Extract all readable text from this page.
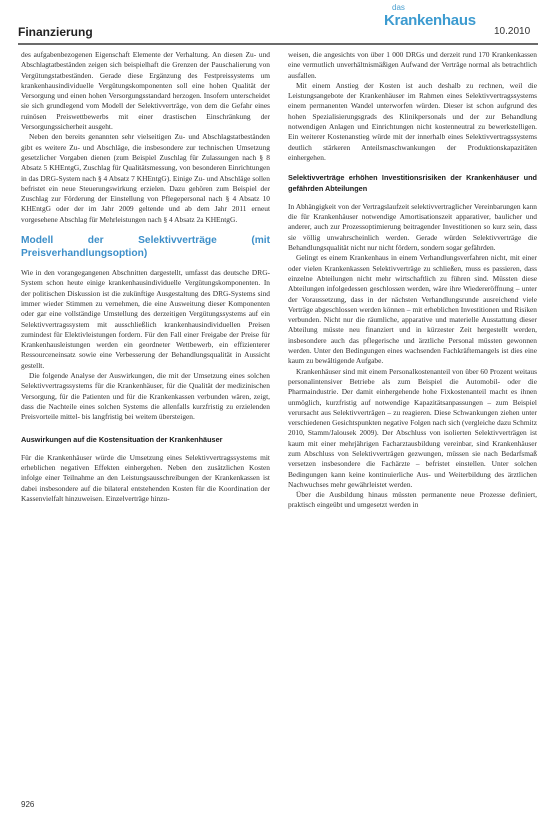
Finanzierung
das
Krankenhaus
10.2010

des aufgabenbezogenen Eigenschaft Elemente der Verhaltung. An diesen Zu- und Abschlagtatbeständen zeigen sich beispielhaft die Grenzen der Pauschalierung von Vergütungstatbeständen. Gerade diese Ergänzung des Festpreissystems um krankenhausindividuelle Vergütungskomponenten soll eine hohen Qualität der Versorgung und einen hohen Versorgungsstandard herzogen. Insofern unterscheidet sie sich grundlegend vom Modell der Selektivverträge, von dem die Gefahr eines ruinösen Preiswettbewerbs mit einer drastischen Einschränkung der Versorgungssicherheit ausgeht.

Neben den bereits genannten sehr vielseitigen Zu- und Abschlagstatbeständen gibt es weitere Zu- und Abschläge, die insbesondere zur technischen Umsetzung gesetzlicher Vorgaben dienen (zum Beispiel Zuschlag für Zulassungen nach § 8 Absatz 5 KHEntgG, Zuschlag für Qualitätsmessung, von besonderen Einrichtungen in das DRG-System nach § 4 Absatz 7 KHEntgG). Einige Zu- und Abschläge sollen befristet ein neue Steuerungswirkung erzielen. Dazu gehören zum Beispiel der Zuschlag zur Förderung der Einstellung von Pflegepersonal nach § 4 Absatz 10 KHEntgG oder der im Jahr 2009 geltende und ab dem Jahr 2011 erneut vorgesehene Abschlag für Mehrleistungen nach § 4 Absatz 2a KHEntgG.

Modell der Selektivverträge (mit Preisverhandlungsoption)

Wie in den vorangegangenen Abschnitten dargestellt, umfasst das deutsche DRG-System schon heute einige krankenhausindividuelle Vergütungskomponenten. In der politischen Diskussion ist die zukünftige Ausgestaltung des DRG-Systems sind immer wieder Stimmen zu vernehmen, die eine Ausweitung dieser Komponenten oder gar eine vollständige Umstellung des derzeitigen Vergütungssystems auf ein Selektivvertragssystem mit ausschließlich krankenhausindividuellen Preisen zumindest für Elektivleistungen fordern. Für den Fall einer Freigabe der Preise für Krankenhausleistungen werden ein geordneter Wettbewerb, ein effizienterer Ressourceneinsatz sowie eine Verbesserung der Behandlungsqualität in Aussicht gestellt.

Die folgende Analyse der Auswirkungen, die mit der Umsetzung eines solchen Selektivvertragssystems für die Krankenhäuser, für die Qualität der medizinischen Versorgung, für die Patienten und für die Krankenkassen verbunden wären, zeigt, dass die Nachteile eines solchen Systems die allenfalls kurzfristig zu erzielenden Preisvorteile mittel- bis langfristig bei weitem übersteigen.

Auswirkungen auf die Kostensituation der Krankenhäuser

Für die Krankenhäuser würde die Umsetzung eines Selektivvertragssystems mit erheblichen negativen Effekten einhergehen. Neben den zusätzlichen Kosten infolge einer Teilnahme an den Leistungsausschreibungen der Krankenkassen ist dabei insbesondere auf die bilateral entstehenden Kosten für die Koordination der Kassenvielfalt hinzuweisen. Einzelverträge hinzu-

weisen, die angesichts von über 1 000 DRGs und derzeit rund 170 Krankenkassen eine vermutlich unverhältnismäßigen Aufwand der Verträge normal als betrachtlich ausfallen.

Mit einem Anstieg der Kosten ist auch deshalb zu rechnen, weil die Leistungsangebote der Krankenhäuser im Rahmen eines Selektivvertragssystems einem permanenten Wandel unterworfen würden. Dieser ist schon aufgrund des hohen Spezialisierungsgrads des Klinikpersonals und der zur Behandlung notwendigen Anlagen und Einrichtungen nicht kostenneutral zu bewerkstelligen. Ein weiterer Kostenanstieg würde mit der innerhalb eines Selektivvertragssystems deutlich stärkeren Anteilsmaschwankungen der Produktionskapazitäten einhergehen.

Selektivverträge erhöhen Investitionsrisiken der Krankenhäuser und gefährden Abteilungen

In Abhängigkeit von der Vertragslaufzeit selektivvertraglicher Vereinbarungen kann die für Krankenhäuser notwendige Amortisationszeit apparativer, baulicher und anderer, auch zur Prozessoptimierung beitragender Investitionen so kurz sein, dass sie völlig unwahrscheinlich werden. Gerade würden Selektivverträge die Behandlungsqualität nicht nur nicht fördern, sondern sogar gefährden.

Gelingt es einem Krankenhaus in einem Verhandlungsverfahren nicht, mit einer oder vielen Krankenkassen Selektivverträge zu schließen, muss es passieren, dass einzelne Abteilungen nicht mehr wirtschaftlich zu führen sind. Müssten diese Abteilungen infolgedessen geschlossen werden, wäre ihre Wiedereröffnung – unter der Voraussetzung, dass in der nächsten Verhandlungsrunde ausreichend viele Verträge abgeschlossen werden können – mit erheblichen Investitionen und Risiken verbunden. Nicht nur die räumliche, apparative und materielle Ausstattung dieser Abteilung müsste neu finanziert und in kürzester Zeit hergestellt werden, insbesondere auch das pflegerische und ärztliche Personal müssten gewonnen werden. Unter den Bedingungen eines wachsenden Fachkräftemangels ist dies eine kaum zu bewältigende Aufgabe.

Krankenhäuser sind mit einem Personalkostenanteil von über 60 Prozent weitaus personalintensiver Betriebe als zum Beispiel die Automobil- oder die Pharmaindustrie. Der damit einhergehende hohe Fixkostenanteil macht es ihnen unmöglich, kurzfristig auf notwendige Kapazitätsanpassungen – zum Beispiel verursacht aus Selektivverträgen – zu reagieren. Diese Schwankungen ziehen unter verschiedenen Gesichtspunkten negative Folgen nach sich (vergleiche dazu Schmitz 2010, Stamm/Jalousek 2009). Der Abschluss von isolierten Selektivverträgen ist kaum mit einer mehrjährigen Facharztausbildung vereinbar, sind Krankenhäuser zum Abschluss von Selektivverträgen gezwungen, müssen sie nach Bedarfsmaß versetzen insbesondere die Fachärzte – befristet einstellen. Unter solchen Bedingungen kann keine kontinuierliche Aus- und Weiterbildung des ärztlichen Nachwuchses mehr gewährleistet werden.

Über die Ausbildung hinaus müssten permanente neue Prozesse definiert, praktisch eingeübt und umgesetzt werden in

926
